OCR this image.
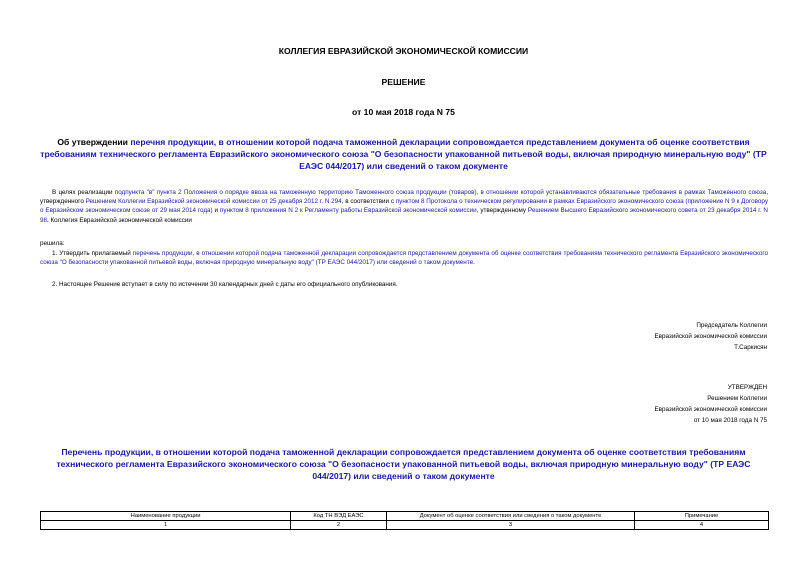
КОЛЛЕГИЯ ЕВРАЗИЙСКОЙ ЭКОНОМИЧЕСКОЙ КОМИССИИ
РЕШЕНИЕ
от 10 мая 2018 года N 75
Об утверждении перечня продукции, в отношении которой подача таможенной декларации сопровождается представлением документа об оценке соответствия требованиям технического регламента Евразийского экономического союза "О безопасности упакованной питьевой воды, включая природную минеральную воду" (ТР ЕАЭС 044/2017) или сведений о таком документе
В целях реализации подпункта "в" пункта 2 Положения о порядке ввоза на таможенную территорию Таможенного союза продукции (товаров), в отношении которой устанавливаются обязательные требования в рамках Таможенного союза, утвержденного Решением Коллегии Евразийской экономической комиссии от 25 декабря 2012 г. N 294, в соответствии с пунктом 8 Протокола о техническом регулировании в рамках Евразийского экономического союза (приложение N 9 к Договору о Евразийском экономическом союзе от 29 мая 2014 года) и пунктом 8 приложения N 2 к Регламенту работы Евразийской экономической комиссии, утвержденному Решением Высшего Евразийского экономического совета от 23 декабря 2014 г. N 98, Коллегия Евразийской экономической комиссии
решила:
1. Утвердить прилагаемый перечень продукции, в отношении которой подача таможенной декларации сопровождается представлением документа об оценке соответствия требованиям технического регламента Евразийского экономического союза "О безопасности упакованной питьевой воды, включая природную минеральную воду" (ТР ЕАЭС 044/2017) или сведений о таком документе.
2. Настоящее Решение вступает в силу по истечении 30 календарных дней с даты его официального опубликования.
Председатель Коллегии
Евразийской экономической комиссии
Т.Саркисян
УТВЕРЖДЕН
Решением Коллегии
Евразийской экономической комиссии
от 10 мая 2018 года N 75
Перечень продукции, в отношении которой подача таможенной декларации сопровождается представлением документа об оценке соответствия требованиям технического регламента Евразийского экономического союза "О безопасности упакованной питьевой воды, включая природную минеральную воду" (ТР ЕАЭС 044/2017) или сведений о таком документе
Наименование продукции	Код ТН ВЭД ЕАЭС	Документ об оценке соответствия или сведения о таком документе	Примечание
1	2	3	4
